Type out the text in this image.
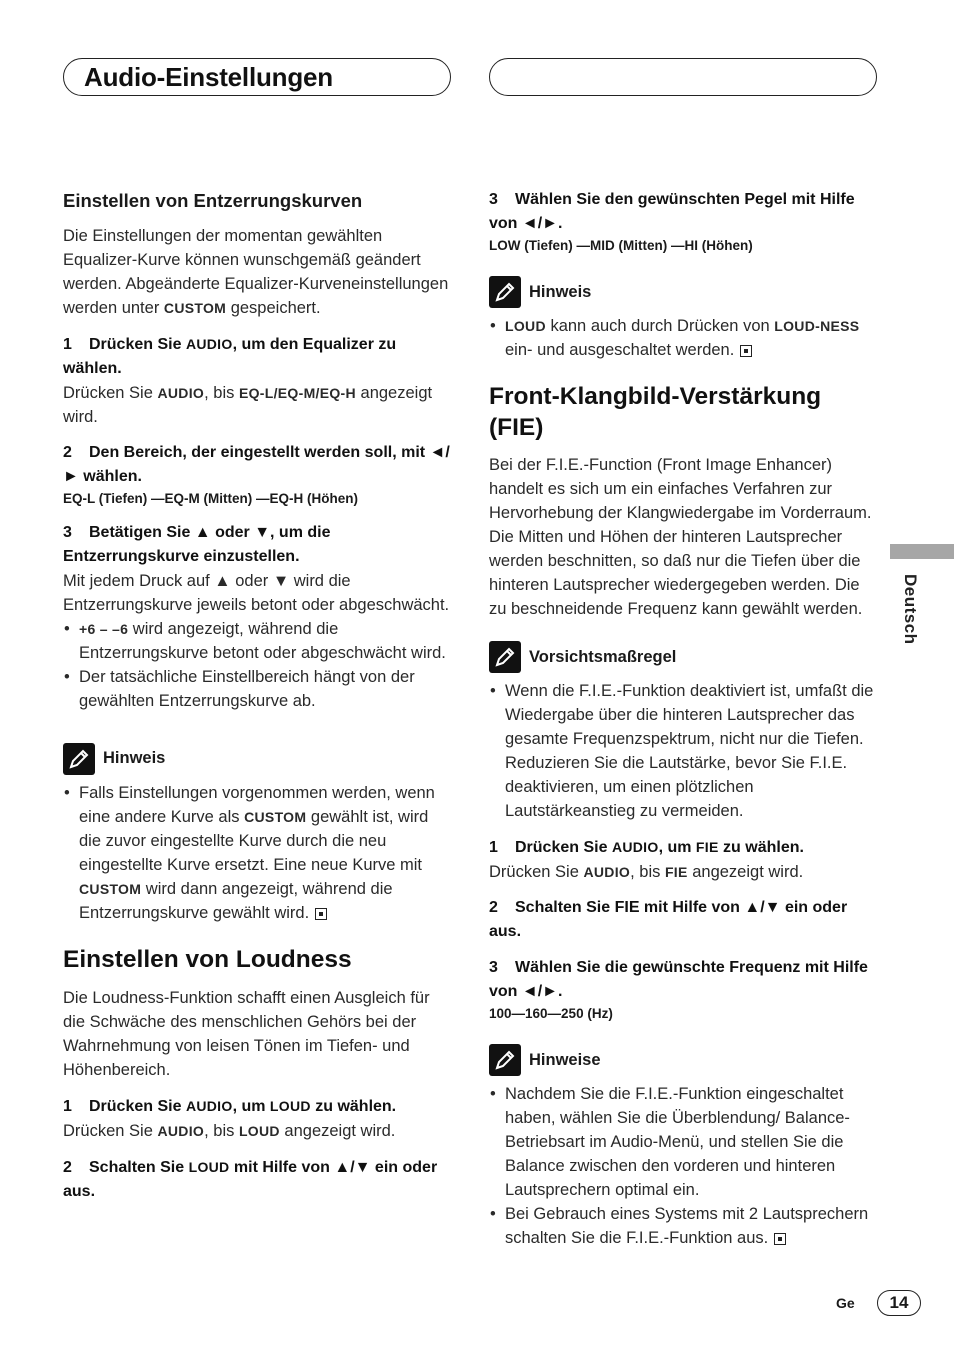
Audio-Einstellungen
Einstellen von Entzerrungskurven

Die Einstellungen der momentan gewählten Equalizer-Kurve können wunschgemäß geändert werden. Abgeänderte Equalizer-Kurveneinstellungen werden unter CUSTOM gespeichert.

1 Drücken Sie AUDIO, um den Equalizer zu wählen.

Drücken Sie AUDIO, bis EQ-L/EQ-M/EQ-H angezeigt wird.

2 Den Bereich, der eingestellt werden soll, mit ◄/► wählen.

EQ-L (Tiefen) —EQ-M (Mitten) —EQ-H (Höhen)

3 Betätigen Sie ▲ oder ▼, um die Entzerrungskurve einzustellen.

Mit jedem Druck auf ▲ oder ▼ wird die Entzerrungskurve jeweils betont oder abgeschwächt.

• +6 – –6 wird angezeigt, während die Entzerrungskurve betont oder abgeschwächt wird.

• Der tatsächliche Einstellbereich hängt von der gewählten Entzerrungskurve ab.

Hinweis

• Falls Einstellungen vorgenommen werden, wenn eine andere Kurve als CUSTOM gewählt ist, wird die zuvor eingestellte Kurve durch die neu eingestellte Kurve ersetzt. Eine neue Kurve mit CUSTOM wird dann angezeigt, während die Entzerrungskurve gewählt wird.

Einstellen von Loudness

Die Loudness-Funktion schafft einen Ausgleich für die Schwäche des menschlichen Gehörs bei der Wahrnehmung von leisen Tönen im Tiefen- und Höhenbereich.

1 Drücken Sie AUDIO, um LOUD zu wählen.

Drücken Sie AUDIO, bis LOUD angezeigt wird.

2 Schalten Sie LOUD mit Hilfe von ▲/▼ ein oder aus.

3 Wählen Sie den gewünschten Pegel mit Hilfe von ◄/►.

LOW (Tiefen) —MID (Mitten) —HI (Höhen)

Hinweis

• LOUD kann auch durch Drücken von LOUD-NESS ein- und ausgeschaltet werden.

Front-Klangbild-Verstärkung (FIE)

Bei der F.I.E.-Function (Front Image Enhancer) handelt es sich um ein einfaches Verfahren zur Hervorhebung der Klangwiedergabe im Vorderraum. Die Mitten und Höhen der hinteren Lautsprecher werden beschnitten, so daß nur die Tiefen über die hinteren Lautsprecher wiedergegeben werden. Die zu beschneidende Frequenz kann gewählt werden.

Vorsichtsmaßregel

• Wenn die F.I.E.-Funktion deaktiviert ist, umfaßt die Wiedergabe über die hinteren Lautsprecher das gesamte Frequenzspektrum, nicht nur die Tiefen. Reduzieren Sie die Lautstärke, bevor Sie F.I.E. deaktivieren, um einen plötzlichen Lautstärkeanstieg zu vermeiden.

1 Drücken Sie AUDIO, um FIE zu wählen.

Drücken Sie AUDIO, bis FIE angezeigt wird.

2 Schalten Sie FIE mit Hilfe von ▲/▼ ein oder aus.

3 Wählen Sie die gewünschte Frequenz mit Hilfe von ◄/►.

100—160—250 (Hz)

Hinweise

• Nachdem Sie die F.I.E.-Funktion eingeschaltet haben, wählen Sie die Überblendung/ Balance- Betriebsart im Audio-Menü, und stellen Sie die Balance zwischen den vorderen und hinteren Lautsprechern optimal ein.

• Bei Gebrauch eines Systems mit 2 Lautsprechern schalten Sie die F.I.E.-Funktion aus.

Deutsch
Ge	14
